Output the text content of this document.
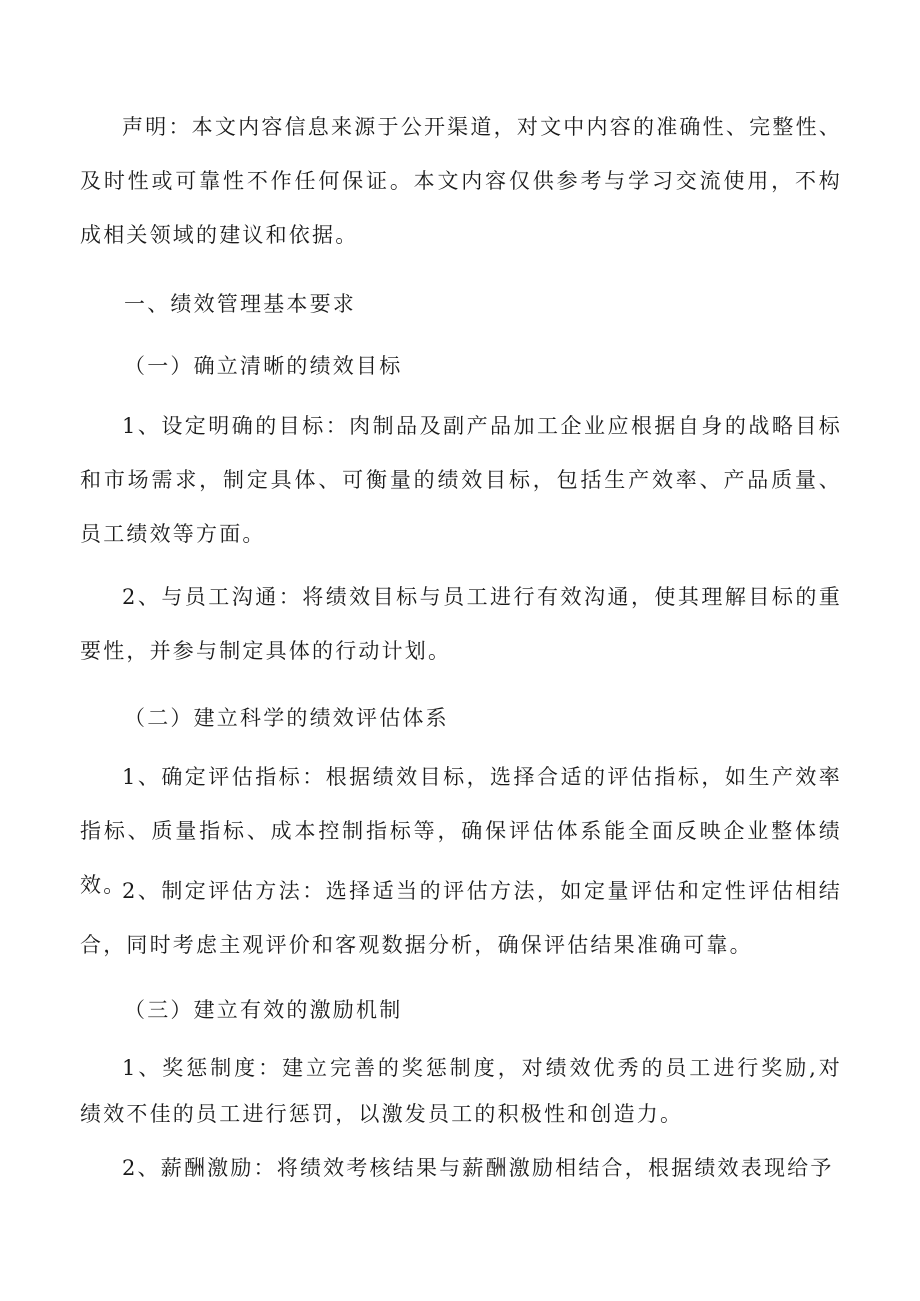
声明：本文内容信息来源于公开渠道，对文中内容的准确性、完整性、及时性或可靠性不作任何保证。本文内容仅供参考与学习交流使用，不构成相关领域的建议和依据。
一、绩效管理基本要求
（一）确立清晰的绩效目标
1、设定明确的目标：肉制品及副产品加工企业应根据自身的战略目标和市场需求，制定具体、可衡量的绩效目标，包括生产效率、产品质量、员工绩效等方面。
2、与员工沟通：将绩效目标与员工进行有效沟通，使其理解目标的重要性，并参与制定具体的行动计划。
（二）建立科学的绩效评估体系
1、确定评估指标：根据绩效目标，选择合适的评估指标，如生产效率指标、质量指标、成本控制指标等，确保评估体系能全面反映企业整体绩效。
2、制定评估方法：选择适当的评估方法，如定量评估和定性评估相结合，同时考虑主观评价和客观数据分析，确保评估结果准确可靠。
（三）建立有效的激励机制
1、奖惩制度：建立完善的奖惩制度，对绩效优秀的员工进行奖励,对绩效不佳的员工进行惩罚，以激发员工的积极性和创造力。
2、薪酬激励：将绩效考核结果与薪酬激励相结合，根据绩效表现给予
